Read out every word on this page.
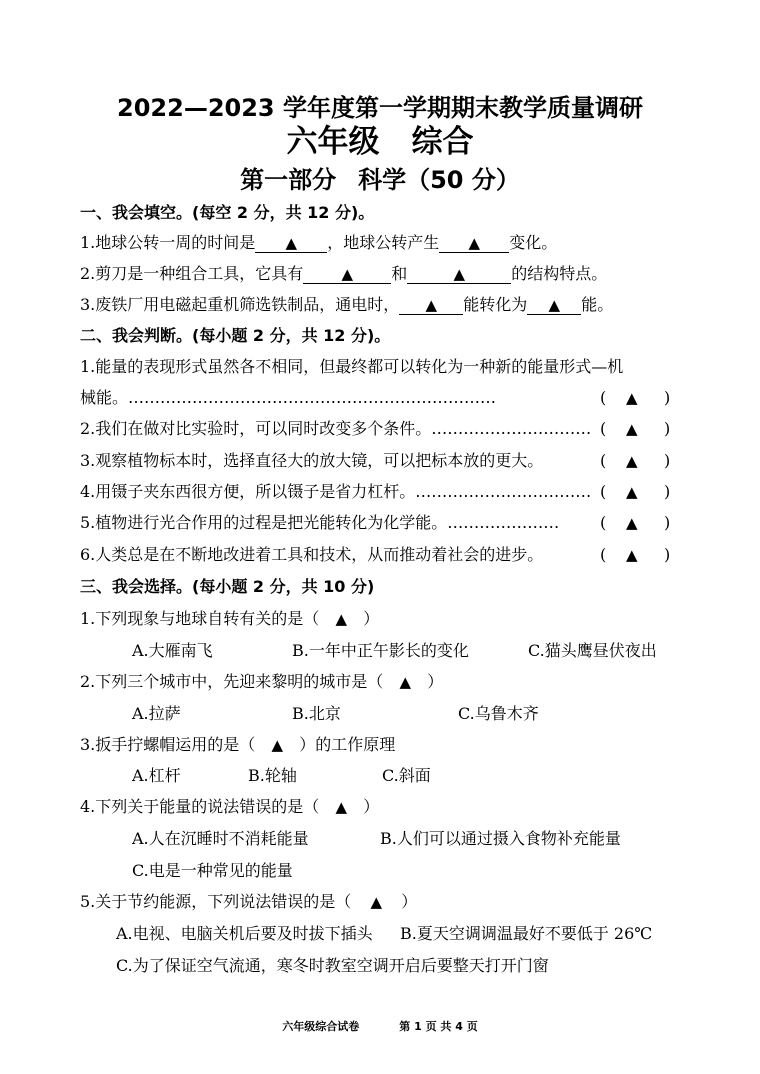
2022—2023 学年度第一学期期末教学质量调研
六年级 综合
第一部分 科学（50 分）
一、我会填空。(每空 2 分，共 12 分)。
1.地球公转一周的时间是 ▲ ，地球公转产生 ▲ 变化。
2.剪刀是一种组合工具，它具有	▲ 和	▲	的结构特点。
3.废铁厂用电磁起重机筛选铁制品，通电时， ▲ 能转化为 ▲ 能。
二、我会判断。(每小题 2 分，共 12 分)。
1.能量的表现形式虽然各不相同，但最终都可以转化为一种新的能量形式—机
械能。……………………………………………………………	( ▲ )
2.我们在做对比实验时，可以同时改变多个条件。………………………… ( ▲ )
3.观察植物标本时，选择直径大的放大镜，可以把标本放的更大。	( ▲ )
4.用镊子夹东西很方便，所以镊子是省力杠杆。…………………………… ( ▲ )
5.植物进行光合作用的过程是把光能转化为化学能。…………………	( ▲ )
6.人类总是在不断地改进着工具和技术，从而推动着社会的进步。	( ▲ )
三、我会选择。(每小题 2 分，共 10 分)
1.下列现象与地球自转有关的是（ ▲ ）
A.大雁南飞	B.一年中正午影长的变化	C.猫头鹰昼伏夜出
2.下列三个城市中，先迎来黎明的城市是（ ▲ ）
A.拉萨	B.北京	C.乌鲁木齐
3.扳手拧螺帽运用的是（ ▲ ）的工作原理
A.杠杆	B.轮轴	C.斜面
4.下列关于能量的说法错误的是（ ▲ ）
A.人在沉睡时不消耗能量	B.人们可以通过摄入食物补充能量
C.电是一种常见的能量
5.关于节约能源，下列说法错误的是（ ▲ ）
A.电视、电脑关机后要及时拔下插头 B.夏天空调调温最好不要低于 26℃
C.为了保证空气流通，寒冬时教室空调开启后要整天打开门窗
六年级综合试卷	第 1 页 共 4 页
